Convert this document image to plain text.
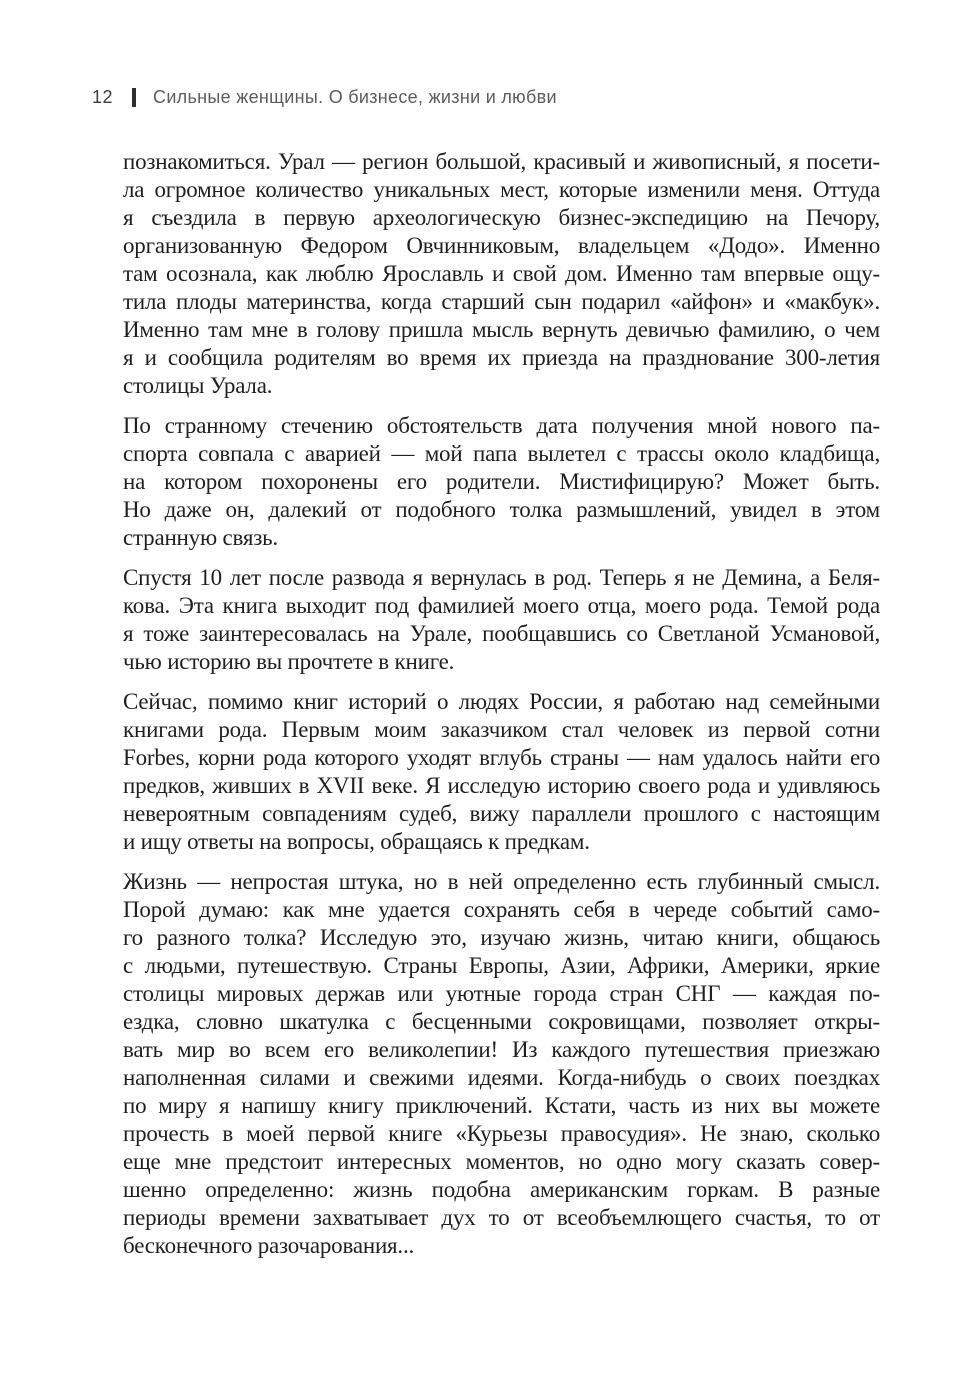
12 Сильные женщины. О бизнесе, жизни и любви
познакомиться. Урал — регион большой, красивый и живописный, я посети-
ла огромное количество уникальных мест, которые изменили меня. Оттуда
я съездила в первую археологическую бизнес-экспедицию на Печору,
организованную Федором Овчинниковым, владельцем «Додо». Именно
там осознала, как люблю Ярославль и свой дом. Именно там впервые ощу-
тила плоды материнства, когда старший сын подарил «айфон» и «макбук».
Именно там мне в голову пришла мысль вернуть девичью фамилию, о чем
я и сообщила родителям во время их приезда на празднование 300-летия
столицы Урала.
По странному стечению обстоятельств дата получения мной нового па-
спорта совпала с аварией — мой папа вылетел с трассы около кладбища,
на котором похоронены его родители. Мистифицирую? Может быть.
Но даже он, далекий от подобного толка размышлений, увидел в этом
странную связь.
Спустя 10 лет после развода я вернулась в род. Теперь я не Демина, а Беля-
кова. Эта книга выходит под фамилией моего отца, моего рода. Темой рода
я тоже заинтересовалась на Урале, пообщавшись со Светланой Усмановой,
чью историю вы прочтете в книге.
Сейчас, помимо книг историй о людях России, я работаю над семейными
книгами рода. Первым моим заказчиком стал человек из первой сотни
Forbes, корни рода которого уходят вглубь страны — нам удалось найти его
предков, живших в XVII веке. Я исследую историю своего рода и удивляюсь
невероятным совпадениям судеб, вижу параллели прошлого с настоящим
и ищу ответы на вопросы, обращаясь к предкам.
Жизнь — непростая штука, но в ней определенно есть глубинный смысл.
Порой думаю: как мне удается сохранять себя в череде событий само-
го разного толка? Исследую это, изучаю жизнь, читаю книги, общаюсь
с людьми, путешествую. Страны Европы, Азии, Африки, Америки, яркие
столицы мировых держав или уютные города стран СНГ — каждая по-
ездка, словно шкатулка с бесценными сокровищами, позволяет откры-
вать мир во всем его великолепии! Из каждого путешествия приезжаю
наполненная силами и свежими идеями. Когда-нибудь о своих поездках
по миру я напишу книгу приключений. Кстати, часть из них вы можете
прочесть в моей первой книге «Курьезы правосудия». Не знаю, сколько
еще мне предстоит интересных моментов, но одно могу сказать совер-
шенно определенно: жизнь подобна американским горкам. В разные
периоды времени захватывает дух то от всеобъемлющего счастья, то от
бесконечного разочарования...
